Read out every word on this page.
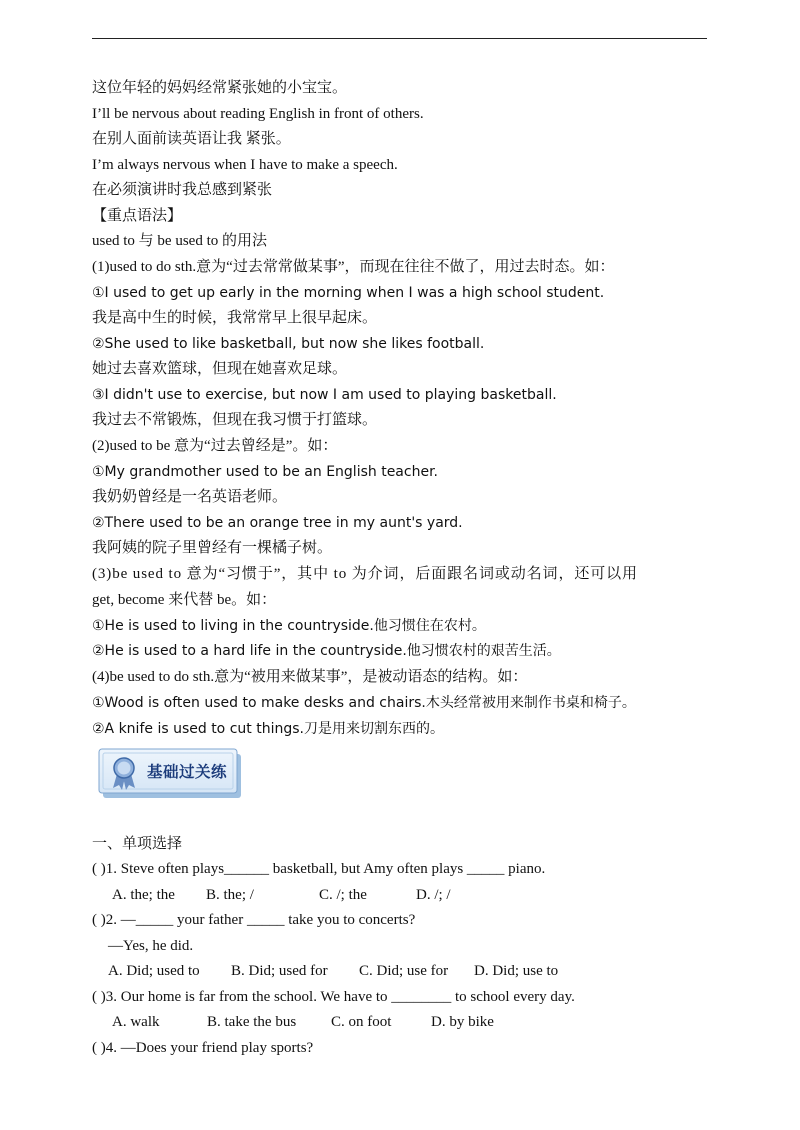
这位年轻的妈妈经常紧张她的小宝宝。
I’ll be nervous about reading English in front of others.
在别人面前读英语让我 紧张。
I’m always nervous when I have to make a speech.
在必须演讲时我总感到紧张
【重点语法】
used to 与 be used to 的用法
(1)used to do sth.意为“过去常常做某事”，而现在往往不做了，用过去时态。如：
①I used to get up early in the morning when I was a high school student.
我是高中生的时候，我常常早上很早起床。
②She used to like basketball, but now she likes football.
她过去喜欢篮球，但现在她喜欢足球。
③I didn't use to exercise, but now I am used to playing basketball.
我过去不常锻炼，但现在我习惯于打篮球。
(2)used to be 意为“过去曾经是”。如：
①My grandmother used to be an English teacher.
我奶奶曾经是一名英语老师。
②There used to be an orange tree in my aunt's yard.
我阿姨的院子里曾经有一棵橘子树。
(3)be used to 意为“习惯于”，其中 to 为介词，后面跟名词或动名词，还可以用
get, become 来代替 be。如：
①He is used to living in the countryside.他习惯住在农村。
②He is used to a hard life in the countryside.他习惯农村的艰苦生活。
(4)be used to do sth.意为“被用来做某事”，是被动语态的结构。如：
①Wood is often used to make desks and chairs.木头经常被用来制作书桌和椅子。
②A knife is used to cut things.刀是用来切割东西的。
基础过关练
一、单项选择
( )1. Steve often plays______ basketball, but Amy often plays _____ piano.
A. the; the B. the; /	C. /; the	D. /; /
( )2. —_____ your father _____ take you to concerts?
—Yes, he did.
A. Did; used to B. Did; used for C. Did; use for D. Did; use to
( )3. Our home is far from the school. We have to ________ to school every day.
A. walk	B. take the bus C. on foot	D. by bike
( )4. —Does your friend play sports?
